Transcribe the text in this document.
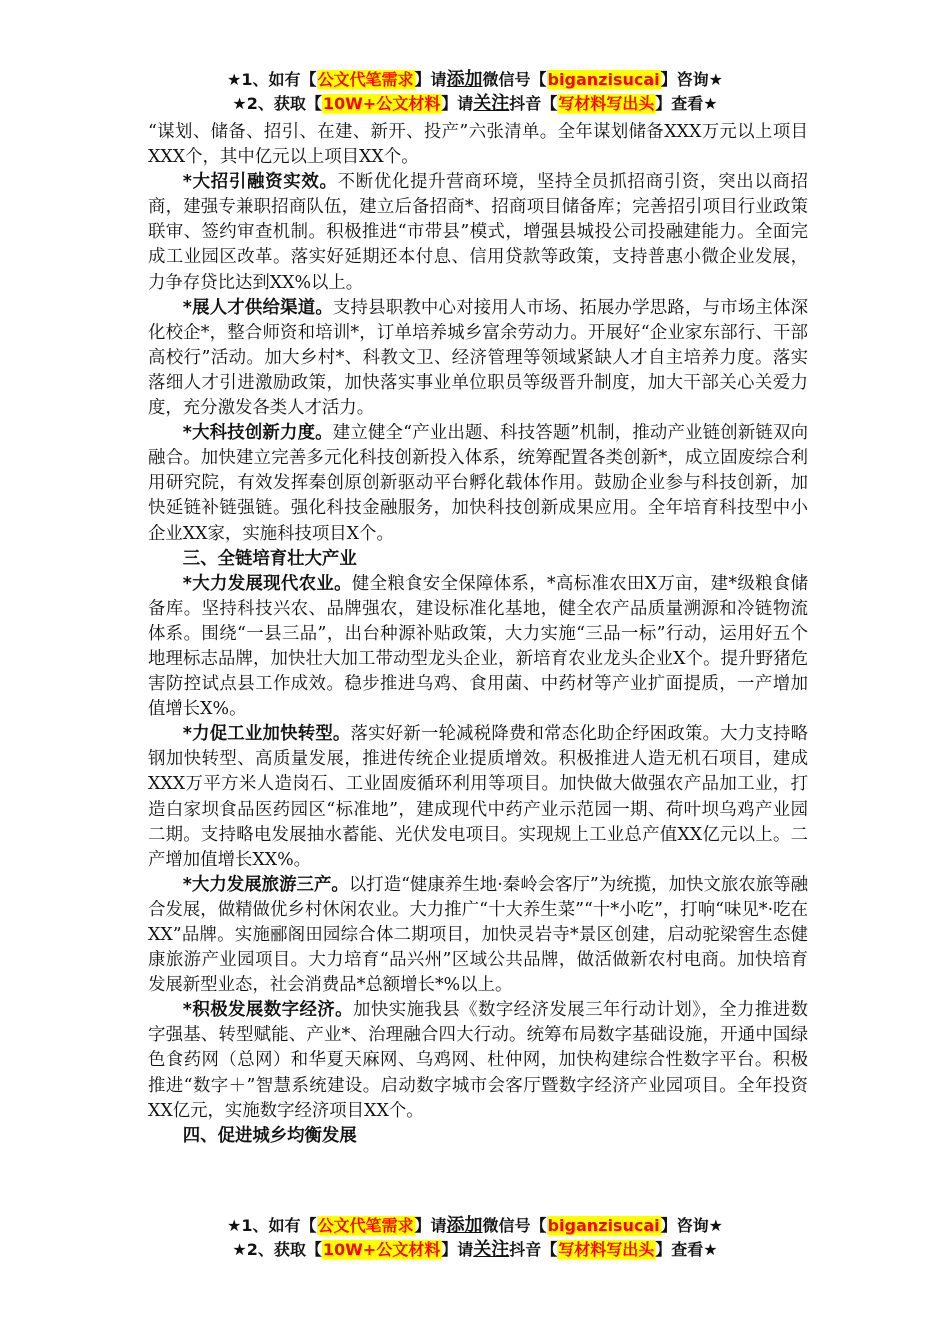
★1、如有【公文代笔需求】请添加微信号【biganzisucai】咨询★
★2、获取【10W+公文材料】请关注抖音【写材料写出头】查看★

“谋划、储备、招引、在建、新开、投产”六张清单。全年谋划储备XXX万元以上项目XXX个，其中亿元以上项目XX个。

*大招引融资实效。不断优化提升营商环境，坚持全员抓招商引资，突出以商招商，建强专兼职招商队伍，建立后备招商*、招商项目储备库；完善招引项目行业政策联审、签约审查机制。积极推进“市带县”模式，增强县城投公司投融建能力。全面完成工业园区改革。落实好延期还本付息、信用贷款等政策，支持普惠小微企业发展，力争存贷比达到XX%以上。

*展人才供给渠道。支持县职教中心对接用人市场、拓展办学思路，与市场主体深化校企*，整合师资和培训*，订单培养城乡富余劳动力。开展好“企业家东部行、干部高校行”活动。加大乡村*、科教文卫、经济管理等领域紧缺人才自主培养力度。落实落细人才引进激励政策，加快落实事业单位职员等级晋升制度，加大干部关心关爱力度，充分激发各类人才活力。

*大科技创新力度。建立健全“产业出题、科技答题”机制，推动产业链创新链双向融合。加快建立完善多元化科技创新投入体系，统筹配置各类创新*，成立固废综合利用研究院，有效发挥秦创原创新驱动平台孵化载体作用。鼓励企业参与科技创新，加快延链补链强链。强化科技金融服务，加快科技创新成果应用。全年培育科技型中小企业XX家，实施科技项目X个。

三、全链培育壮大产业

*大力发展现代农业。健全粮食安全保障体系，*高标准农田X万亩，建*级粮食储备库。坚持科技兴农、品牌强农，建设标准化基地，健全农产品质量溯源和冷链物流体系。围绕“一县三品”，出台种源补贴政策，大力实施“三品一标”行动，运用好五个地理标志品牌，加快壮大加工带动型龙头企业，新培育农业龙头企业X个。提升野猪危害防控试点县工作成效。稳步推进乌鸡、食用菌、中药材等产业扩面提质，一产增加值增长X%。

*力促工业加快转型。落实好新一轮减税降费和常态化助企纾困政策。大力支持略钢加快转型、高质量发展，推进传统企业提质增效。积极推进人造无机石项目，建成XXX万平方米人造岗石、工业固废循环利用等项目。加快做大做强农产品加工业，打造白家坝食品医药园区“标准地”，建成现代中药产业示范园一期、荷叶坝乌鸡产业园二期。支持略电发展抽水蓄能、光伏发电项目。实现规上工业总产值XX亿元以上。二产增加值增长XX%。

*大力发展旅游三产。以打造“健康养生地·秦岭会客厅”为统揽，加快文旅农旅等融合发展，做精做优乡村休闲农业。大力推广“十大养生菜”“十*小吃”，打响“味见*·吃在XX”品牌。实施郦阁田园综合体二期项目，加快灵岩寺*景区创建，启动驼梁窖生态健康旅游产业园项目。大力培育“品兴州”区域公共品牌，做活做新农村电商。加快培育发展新型业态，社会消费品*总额增长*%以上。

*积极发展数字经济。加快实施我县《数字经济发展三年行动计划》，全力推进数字强基、转型赋能、产业*、治理融合四大行动。统筹布局数字基础设施，开通中国绿色食药网（总网）和华夏天麻网、乌鸡网、杜仲网，加快构建综合性数字平台。积极推进“数字＋”智慧系统建设。启动数字城市会客厅暨数字经济产业园项目。全年投资XX亿元，实施数字经济项目XX个。

四、促进城乡均衡发展

★1、如有【公文代笔需求】请添加微信号【biganzisucai】咨询★
★2、获取【10W+公文材料】请关注抖音【写材料写出头】查看★
